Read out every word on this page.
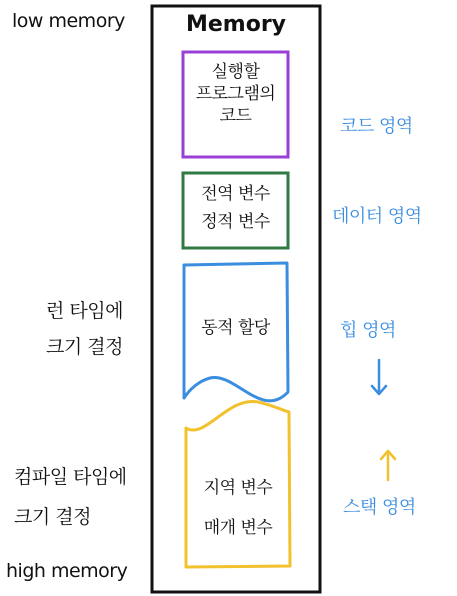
low memory
high memory
런 타임에
크기 결정
컴파일 타임에
크기 결정
Memory
실행할
프로그램의
코드
전역 변수
정적 변수
동적 할당
지역 변수
매개 변수
코드 영역
데이터 영역
힙 영역
스택 영역
